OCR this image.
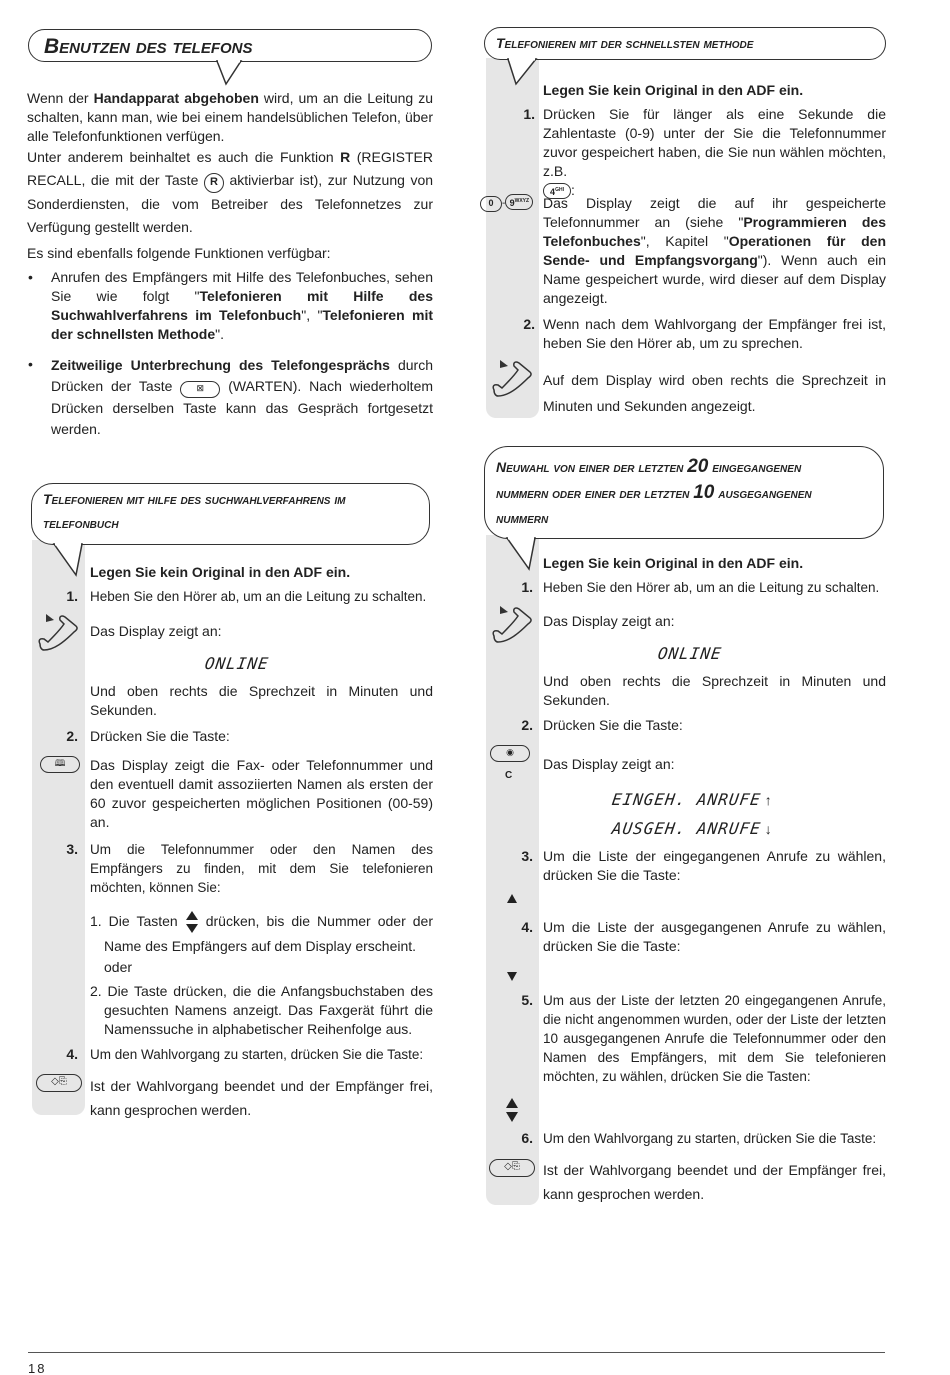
Benutzen des telefons
Wenn der Handapparat abgehoben wird, um an die Leitung zu schalten, kann man, wie bei einem handelsüblichen Telefon, über alle Telefonfunktionen verfügen.
Unter anderem beinhaltet es auch die Funktion R (REGISTER RECALL, die mit der Taste R aktivierbar ist), zur Nutzung von Sonderdiensten, die vom Betreiber des Telefonnetzes zur Verfügung gestellt werden.
Es sind ebenfalls folgende Funktionen verfügbar:
• Anrufen des Empfängers mit Hilfe des Telefonbuches, sehen Sie wie folgt "Telefonieren mit Hilfe des Suchwahlverfahrens im Telefonbuch", "Telefonieren mit der schnellsten Methode".
• Zeitweilige Unterbrechung des Telefongesprächs durch Drücken der Taste	⊠ (WARTEN). Nach wiederholtem Drücken derselben Taste kann das Gespräch fortgesetzt werden.
Telefonieren mit hilfe des suchwahlverfahrens im
telefonbuch
Legen Sie kein Original in den ADF ein.
1. Heben Sie den Hörer ab, um an die Leitung zu schalten.
Das Display zeigt an:
ONLINE
Und oben rechts die Sprechzeit in Minuten und Sekunden.
2. Drücken Sie die Taste:
🕮	Das Display zeigt die Fax- oder Telefonnummer und den eventuell damit assoziierten Namen als ersten der 60 zuvor gespeicherten möglichen Positionen (00-59) an.
3. Um die Telefonnummer oder den Namen des Empfängers zu finden, mit dem Sie telefonieren möchten, können Sie:
1. Die Tasten drücken, bis die Nummer oder der Name des Empfängers auf dem Display erscheint.
oder
2. Die Taste drücken, die die Anfangsbuchstaben des gesuchten Namens anzeigt. Das Faxgerät führt die Namenssuche in alphabetischer Reihenfolge aus.
4. Um den Wahlvorgang zu starten, drücken Sie die Taste:
◇⎘	Ist der Wahlvorgang beendet und der Empfänger frei, kann gesprochen werden.
Telefonieren mit der schnellsten methode
Legen Sie kein Original in den ADF ein.
1. Drücken Sie für länger als eine Sekunde die Zahlentaste (0-9) unter der Sie die Telefonnummer zuvor gespeichert haben, die Sie nun wählen möchten, z.B.
$4^{GHI}$ :
$0 - 9^{WXYZ}$ Das Display zeigt die auf ihr gespeicherte Telefonnummer an (siehe "Programmieren des Telefonbuches", Kapitel "Operationen für den Sende- und Empfangsvorgang"). Wenn auch ein Name gespeichert wurde, wird dieser auf dem Display angezeigt.
2. Wenn nach dem Wahlvorgang der Empfänger frei ist, heben Sie den Hörer ab, um zu sprechen.
Auf dem Display wird oben rechts die Sprechzeit in Minuten und Sekunden angezeigt.
Neuwahl von einer der letzten 20 eingegangenen
nummern oder einer der letzten 10 ausgegangenen
nummern
Legen Sie kein Original in den ADF ein.
1. Heben Sie den Hörer ab, um an die Leitung zu schalten.
Das Display zeigt an:
ONLINE
Und oben rechts die Sprechzeit in Minuten und Sekunden.
2. Drücken Sie die Taste:
◉
C
Das Display zeigt an:
EINGEH. ANRUFE ↑
AUSGEH. ANRUFE ↓
3. Um die Liste der eingegangenen Anrufe zu wählen, drücken Sie die Taste:
4. Um die Liste der ausgegangenen Anrufe zu wählen, drücken Sie die Taste:
5. Um aus der Liste der letzten 20 eingegangenen Anrufe, die nicht angenommen wurden, oder der Liste der letzten 10 ausgegangenen Anrufe die Telefonnummer oder den Namen des Empfängers, mit dem Sie telefonieren möchten, zu wählen, drücken Sie die Tasten:
6. Um den Wahlvorgang zu starten, drücken Sie die Taste:
◇⎘	Ist der Wahlvorgang beendet und der Empfänger frei, kann gesprochen werden.
18
